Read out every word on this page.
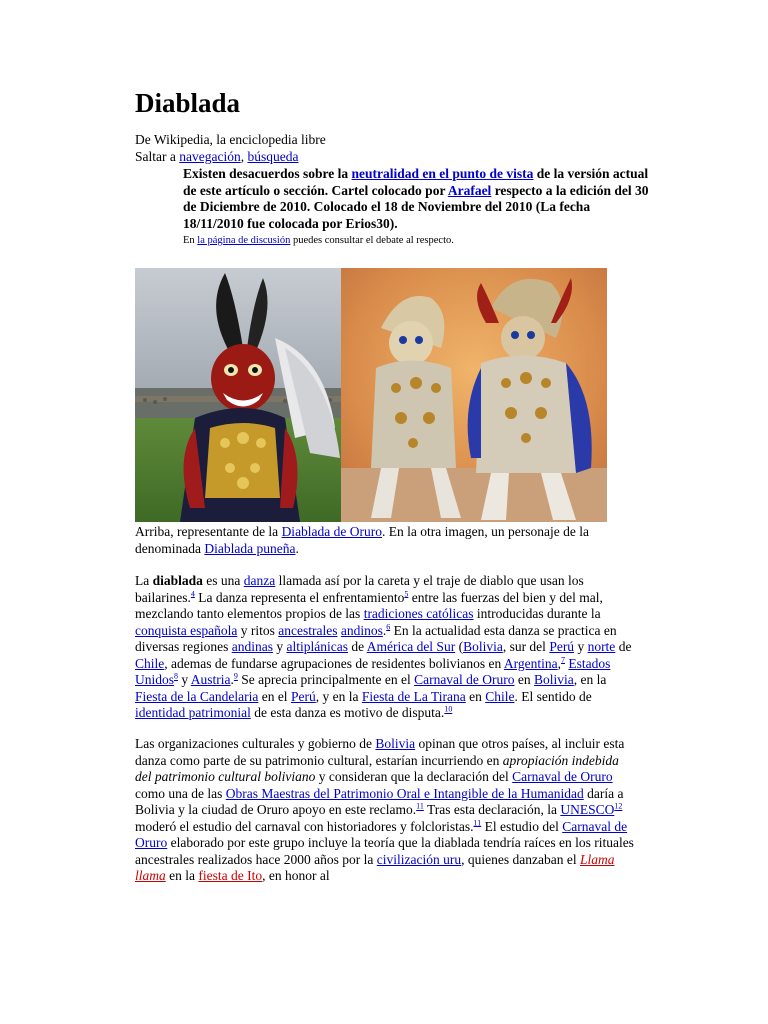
Diablada
De Wikipedia, la enciclopedia libre
Saltar a navegación, búsqueda
Existen desacuerdos sobre la neutralidad en el punto de vista de la versión actual de este artículo o sección. Cartel colocado por Arafael respecto a la edición del 30 de Diciembre de 2010. Colocado el 18 de Noviembre del 2010 (La fecha 18/11/2010 fue colocada por Erios30).
En la página de discusión puedes consultar el debate al respecto.
Arriba, representante de la Diablada de Oruro. En la otra imagen, un personaje de la denominada Diablada puneña.
La diablada es una danza llamada así por la careta y el traje de diablo que usan los bailarines.$^4$ La danza representa el enfrentamiento$^5$ entre las fuerzas del bien y del mal, mezclando tanto elementos propios de las tradiciones católicas introducidas durante la conquista española y ritos ancestrales andinos.$^6$ En la actualidad esta danza se practica en diversas regiones andinas y altiplánicas de América del Sur (Bolivia, sur del Perú y norte de Chile, ademas de fundarse agrupaciones de residentes bolivianos en Argentina,$^7$ Estados Unidos$^8$ y Austria.$^9$ Se aprecia principalmente en el Carnaval de Oruro en Bolivia, en la Fiesta de la Candelaria en el Perú, y en la Fiesta de La Tirana en Chile. El sentido de identidad patrimonial de esta danza es motivo de disputa.$^{10}$
Las organizaciones culturales y gobierno de Bolivia opinan que otros países, al incluir esta danza como parte de su patrimonio cultural, estarían incurriendo en apropiación indebida del patrimonio cultural boliviano y consideran que la declaración del Carnaval de Oruro como una de las Obras Maestras del Patrimonio Oral e Intangible de la Humanidad daría a Bolivia y la ciudad de Oruro apoyo en este reclamo.$^{11}$ Tras esta declaración, la UNESCO$^{12}$ moderó el estudio del carnaval con historiadores y folcloristas.$^{11}$ El estudio del Carnaval de Oruro elaborado por este grupo incluye la teoría que la diablada tendría raíces en los rituales ancestrales realizados hace 2000 años por la civilización uru, quienes danzaban el Llama llama en la fiesta de Ito, en honor al
